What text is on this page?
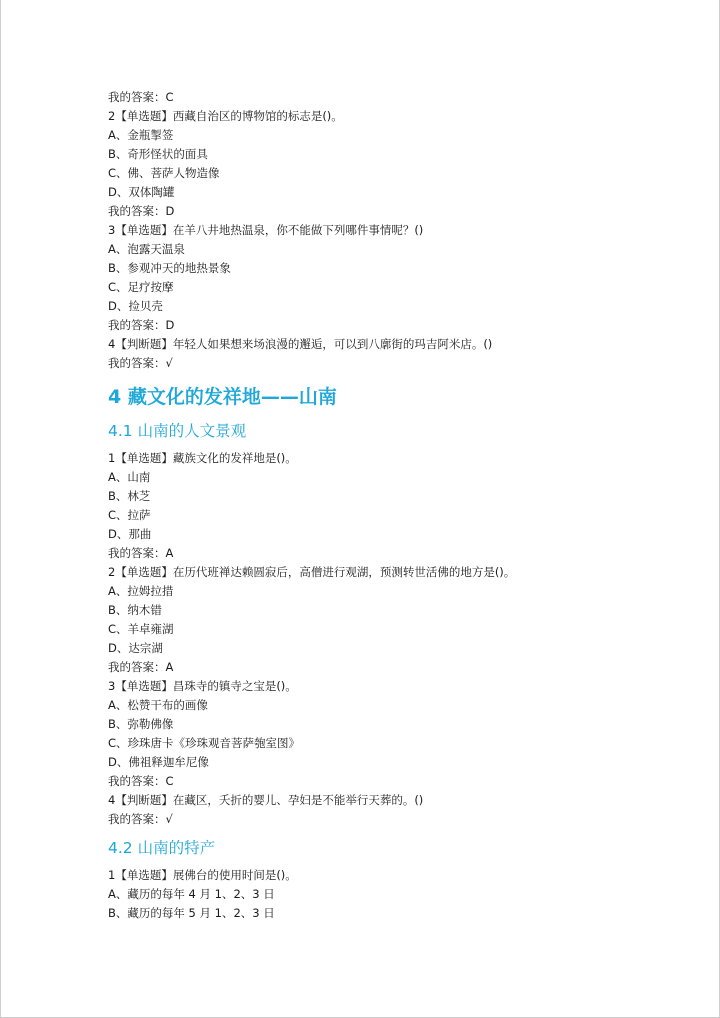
我的答案：C
2【单选题】西藏自治区的博物馆的标志是()。
A、金瓶掣签
B、奇形怪状的面具
C、佛、菩萨人物造像
D、双体陶罐
我的答案：D
3【单选题】在羊八井地热温泉，你不能做下列哪件事情呢？()
A、泡露天温泉
B、参观冲天的地热景象
C、足疗按摩
D、捡贝壳
我的答案：D
4【判断题】年轻人如果想来场浪漫的邂逅，可以到八廓街的玛吉阿米店。()
我的答案：√
4 藏文化的发祥地——山南
4.1 山南的人文景观
1【单选题】藏族文化的发祥地是()。
A、山南
B、林芝
C、拉萨
D、那曲
我的答案：A
2【单选题】在历代班禅达赖圆寂后，高僧进行观湖，预测转世活佛的地方是()。
A、拉姆拉措
B、纳木错
C、羊卓雍湖
D、达宗湖
我的答案：A
3【单选题】昌珠寺的镇寺之宝是()。
A、松赞干布的画像
B、弥勒佛像
C、珍珠唐卡《珍珠观音菩萨匏室图》
D、佛祖释迦牟尼像
我的答案：C
4【判断题】在藏区，夭折的婴儿、孕妇是不能举行天葬的。()
我的答案：√
4.2 山南的特产
1【单选题】展佛台的使用时间是()。
A、藏历的每年 4 月 1、2、3 日
B、藏历的每年 5 月 1、2、3 日
